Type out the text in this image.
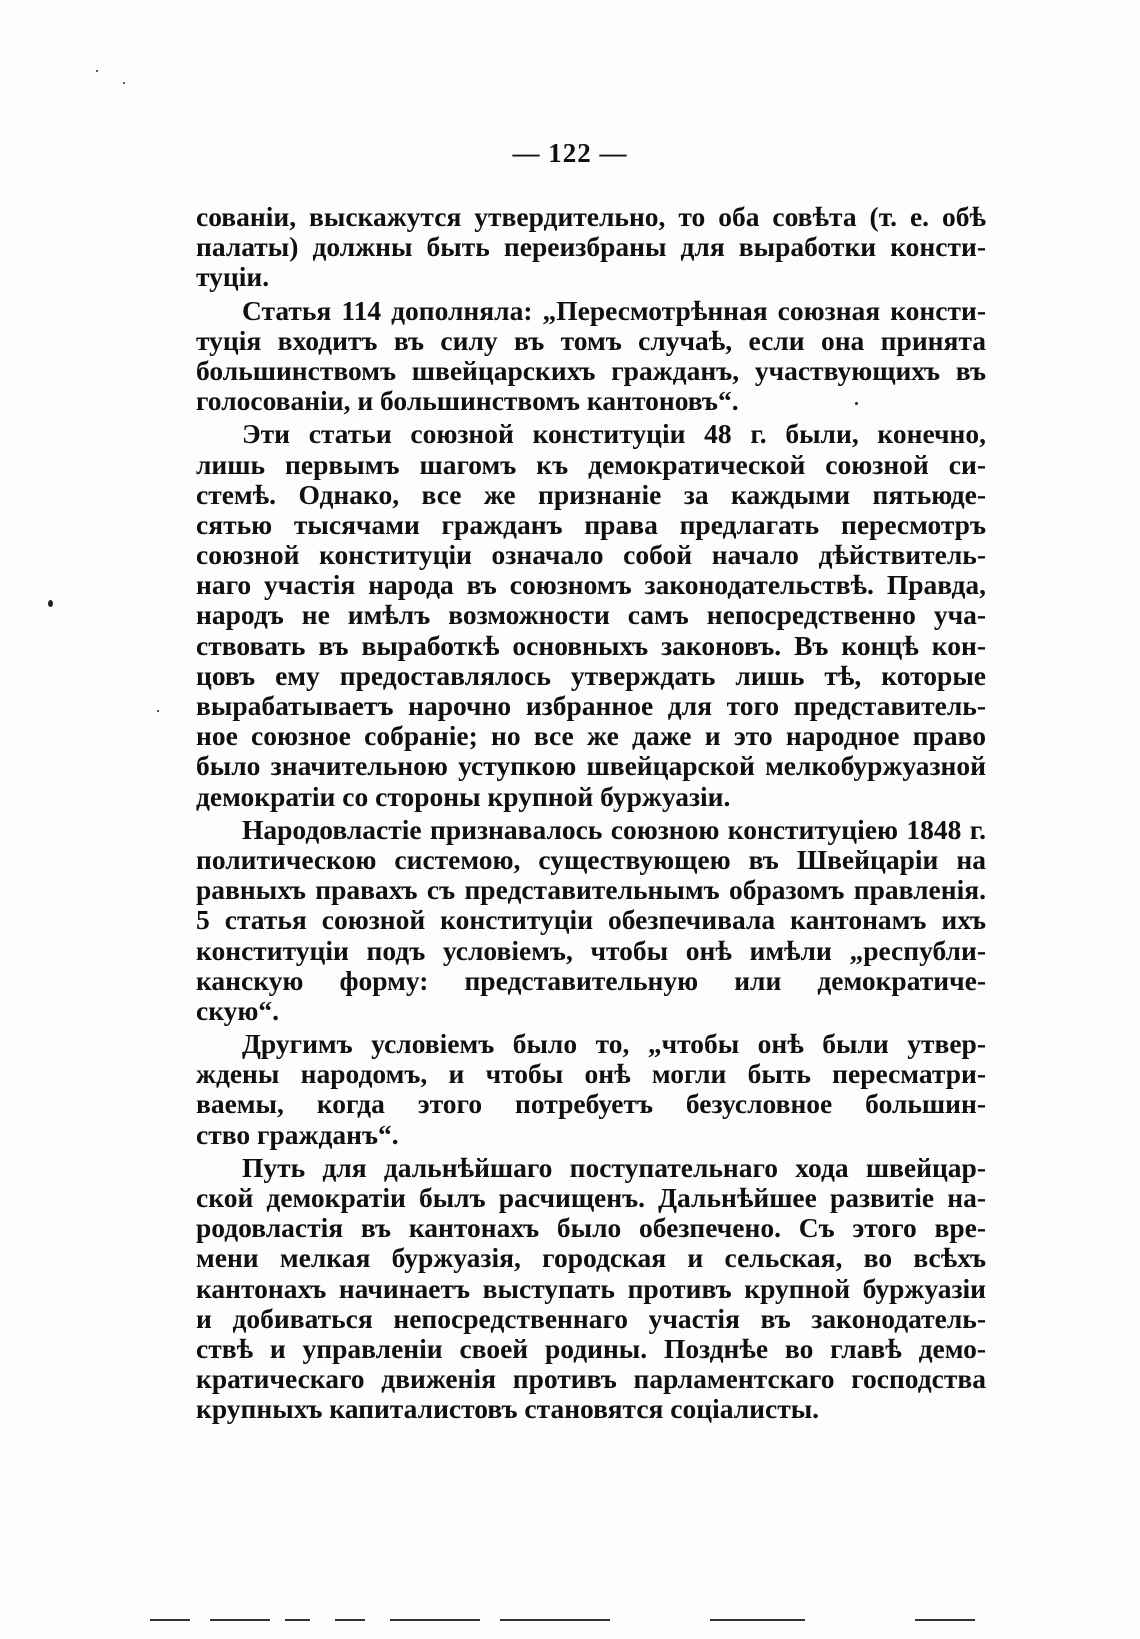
— 122 —
сованіи, выскажутся утвердительно, то оба совѣта (т. е. обѣ
палаты) должны быть переизбраны для выработки консти-
туціи.
Статья 114 дополняла: „Пересмотрѣнная союзная консти-
туція входитъ въ силу въ томъ случаѣ, если она принята
большинствомъ швейцарскихъ гражданъ, участвующихъ въ
голосованіи, и большинствомъ кантоновъ“.
Эти статьи союзной конституціи 48 г. были, конечно,
лишь первымъ шагомъ къ демократической союзной си-
стемѣ. Однако, все же признаніе за каждыми пятьюде-
сятью тысячами гражданъ права предлагать пересмотръ
союзной конституціи означало собой начало дѣйствитель-
наго участія народа въ союзномъ законодательствѣ. Правда,
народъ не имѣлъ возможности самъ непосредственно уча-
ствовать въ выработкѣ основныхъ законовъ. Въ концѣ кон-
цовъ ему предоставлялось утверждать лишь тѣ, которые
вырабатываетъ нарочно избранное для того представитель-
ное союзное собраніе; но все же даже и это народное право
было значительною уступкою швейцарской мелкобуржуазной
демократіи со стороны крупной буржуазіи.
Народовластіе признавалось союзною конституціею 1848 г.
политическою системою, существующею въ Швейцаріи на
равныхъ правахъ съ представительнымъ образомъ правленія.
5 статья союзной конституціи обезпечивала кантонамъ ихъ
конституціи подъ условіемъ, чтобы онѣ имѣли „республи-
канскую форму: представительную или демократиче-
скую“.
Другимъ условіемъ было то, „чтобы онѣ были утвер-
ждены народомъ, и чтобы онѣ могли быть пересматри-
ваемы, когда этого потребуетъ безусловное большин-
ство гражданъ“.
Путь для дальнѣйшаго поступательнаго хода швейцар-
ской демократіи былъ расчищенъ. Дальнѣйшее развитіе на-
родовластія въ кантонахъ было обезпечено. Съ этого вре-
мени мелкая буржуазія, городская и сельская, во всѣхъ
кантонахъ начинаетъ выступать противъ крупной буржуазіи
и добиваться непосредственнаго участія въ законодатель-
ствѣ и управленіи своей родины. Позднѣе во главѣ демо-
кратическаго движенія противъ парламентскаго господства
крупныхъ капиталистовъ становятся соціалисты.
